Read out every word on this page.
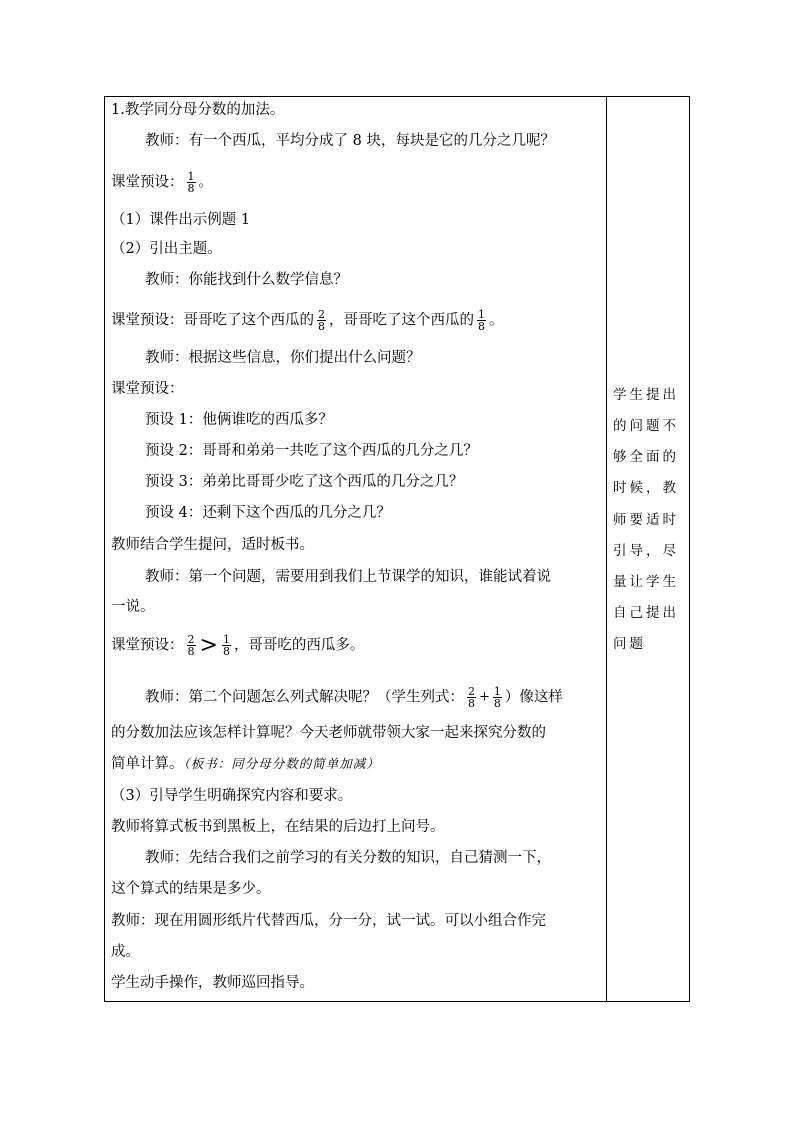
1.教学同分母分数的加法。
教师：有一个西瓜，平均分成了 8 块，每块是它的几分之几呢？
课堂预设： $\frac{1}{8}$ 。
（1）课件出示例题 1
（2）引出主题。
教师：你能找到什么数学信息？
课堂预设：哥哥吃了这个西瓜的 $\frac{2}{8}$ ，哥哥吃了这个西瓜的 $\frac{1}{8}$ 。
教师：根据这些信息，你们提出什么问题？
课堂预设：
预设 1：他俩谁吃的西瓜多？
预设 2：哥哥和弟弟一共吃了这个西瓜的几分之几？
预设 3：弟弟比哥哥少吃了这个西瓜的几分之几？
预设 4：还剩下这个西瓜的几分之几？
教师结合学生提问，适时板书。
教师：第一个问题，需要用到我们上节课学的知识，谁能试着说
一说。
课堂预设： $\frac{2}{8} > \frac{1}{8}$ ，哥哥吃的西瓜多。
教师：第二个问题怎么列式解决呢？（学生列式： $\frac{2}{8} + \frac{1}{8}$ ）像这样
的分数加法应该怎样计算呢？今天老师就带领大家一起来探究分数的
简单计算。（板书：同分母分数的简单加减）
（3）引导学生明确探究内容和要求。
教师将算式板书到黑板上，在结果的后边打上问号。
教师：先结合我们之前学习的有关分数的知识，自己猜测一下，
这个算式的结果是多少。
教师：现在用圆形纸片代替西瓜，分一分，试一试。可以小组合作完
成。
学生动手操作，教师巡回指导。
学生提出
的问题不
够全面的
时候，教
师要适时
引导，尽
量让学生
自己提出
问题
